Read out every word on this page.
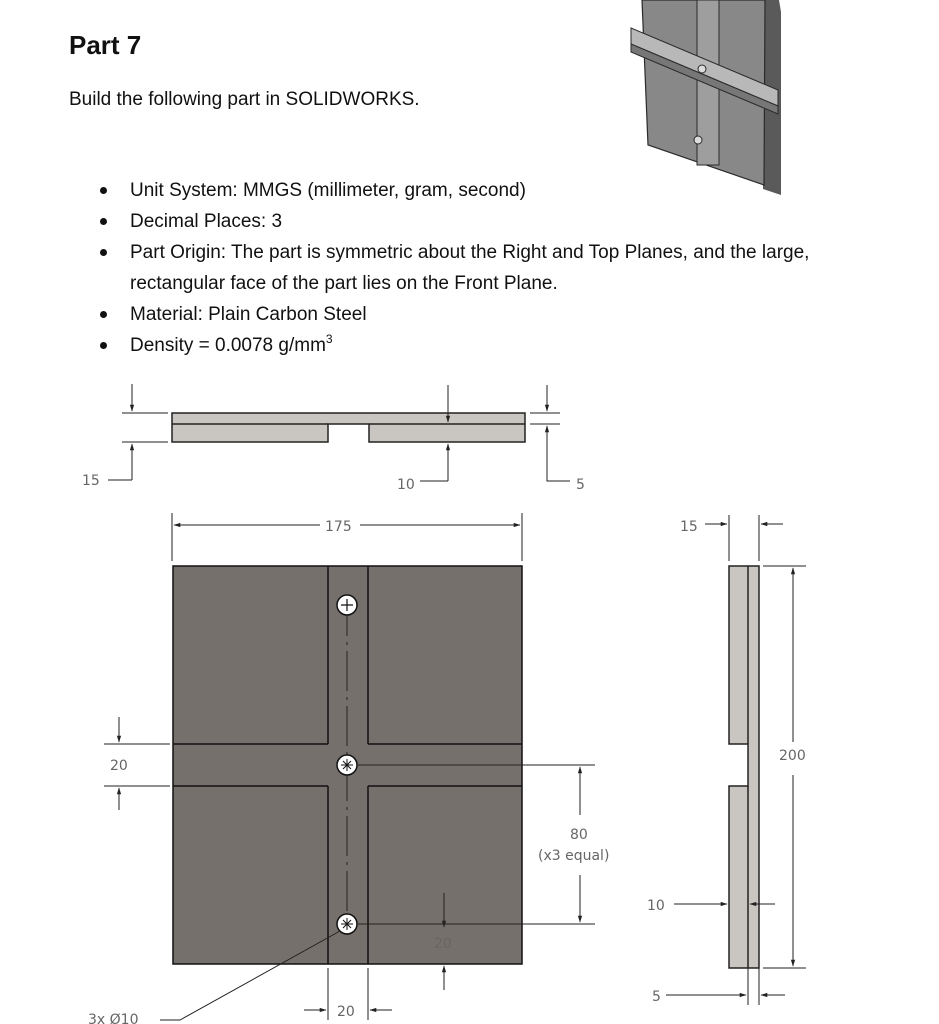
Part 7
Build the following part in SOLIDWORKS.
Unit System: MMGS (millimeter, gram, second)
Decimal Places: 3
Part Origin: The part is symmetric about the Right and Top Planes, and the large, rectangular face of the part lies on the Front Plane.
Material: Plain Carbon Steel
Density = 0.0078 $g/mm^3$
15	10	5
175
20
80
(x3 equal)
20
20
3x Ø10
15
200
10
5
